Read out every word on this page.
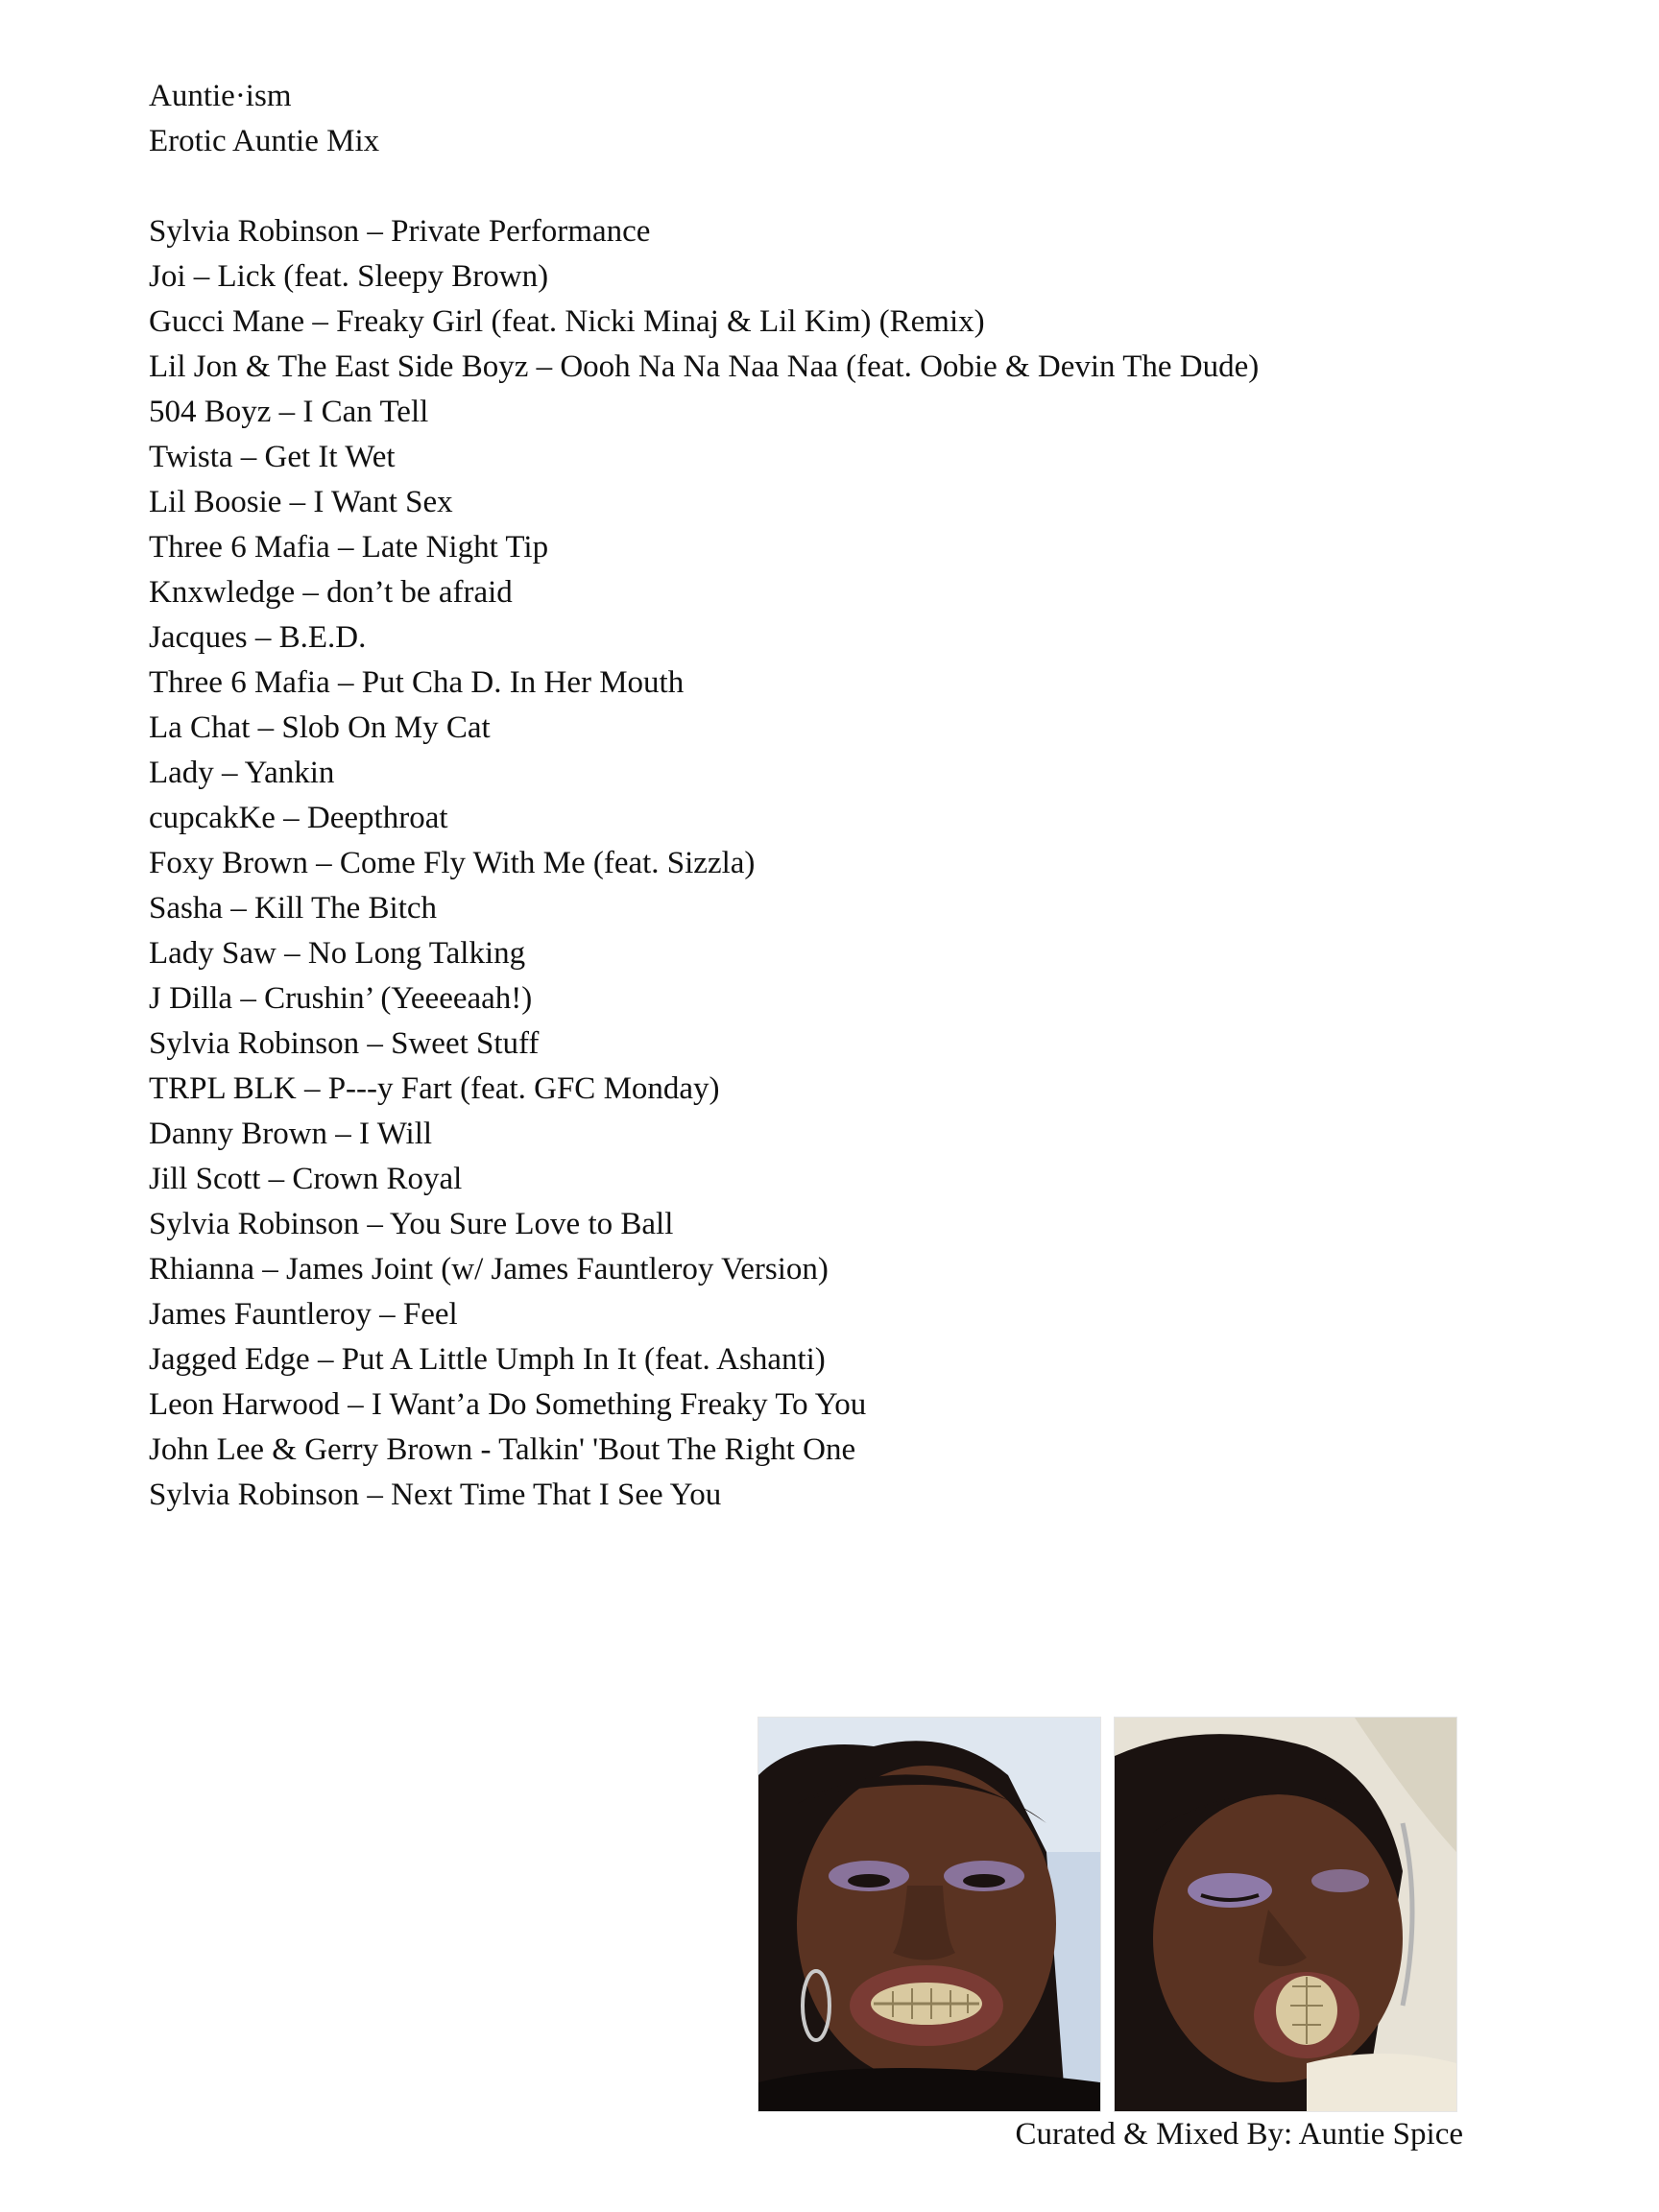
Auntie·ism
Erotic Auntie Mix
Sylvia Robinson – Private Performance
Joi – Lick (feat. Sleepy Brown)
Gucci Mane – Freaky Girl (feat. Nicki Minaj & Lil Kim) (Remix)
Lil Jon & The East Side Boyz – Oooh Na Na Naa Naa (feat. Oobie & Devin The Dude)
504 Boyz – I Can Tell
Twista – Get It Wet
Lil Boosie – I Want Sex
Three 6 Mafia – Late Night Tip
Knxwledge – don’t be afraid
Jacques – B.E.D.
Three 6 Mafia – Put Cha D. In Her Mouth
La Chat – Slob On My Cat
Lady – Yankin
cupcakKe – Deepthroat
Foxy Brown – Come Fly With Me (feat. Sizzla)
Sasha – Kill The Bitch
Lady Saw – No Long Talking
J Dilla – Crushin’ (Yeeeeaah!)
Sylvia Robinson – Sweet Stuff
TRPL BLK – P---y Fart (feat. GFC Monday)
Danny Brown – I Will
Jill Scott – Crown Royal
Sylvia Robinson – You Sure Love to Ball
Rhianna – James Joint (w/ James Fauntleroy Version)
James Fauntleroy – Feel
Jagged Edge – Put A Little Umph In It (feat. Ashanti)
Leon Harwood – I Want’a Do Something Freaky To You
John Lee & Gerry Brown - Talkin' 'Bout The Right One
Sylvia Robinson – Next Time That I See You
Curated & Mixed By: Auntie Spice
